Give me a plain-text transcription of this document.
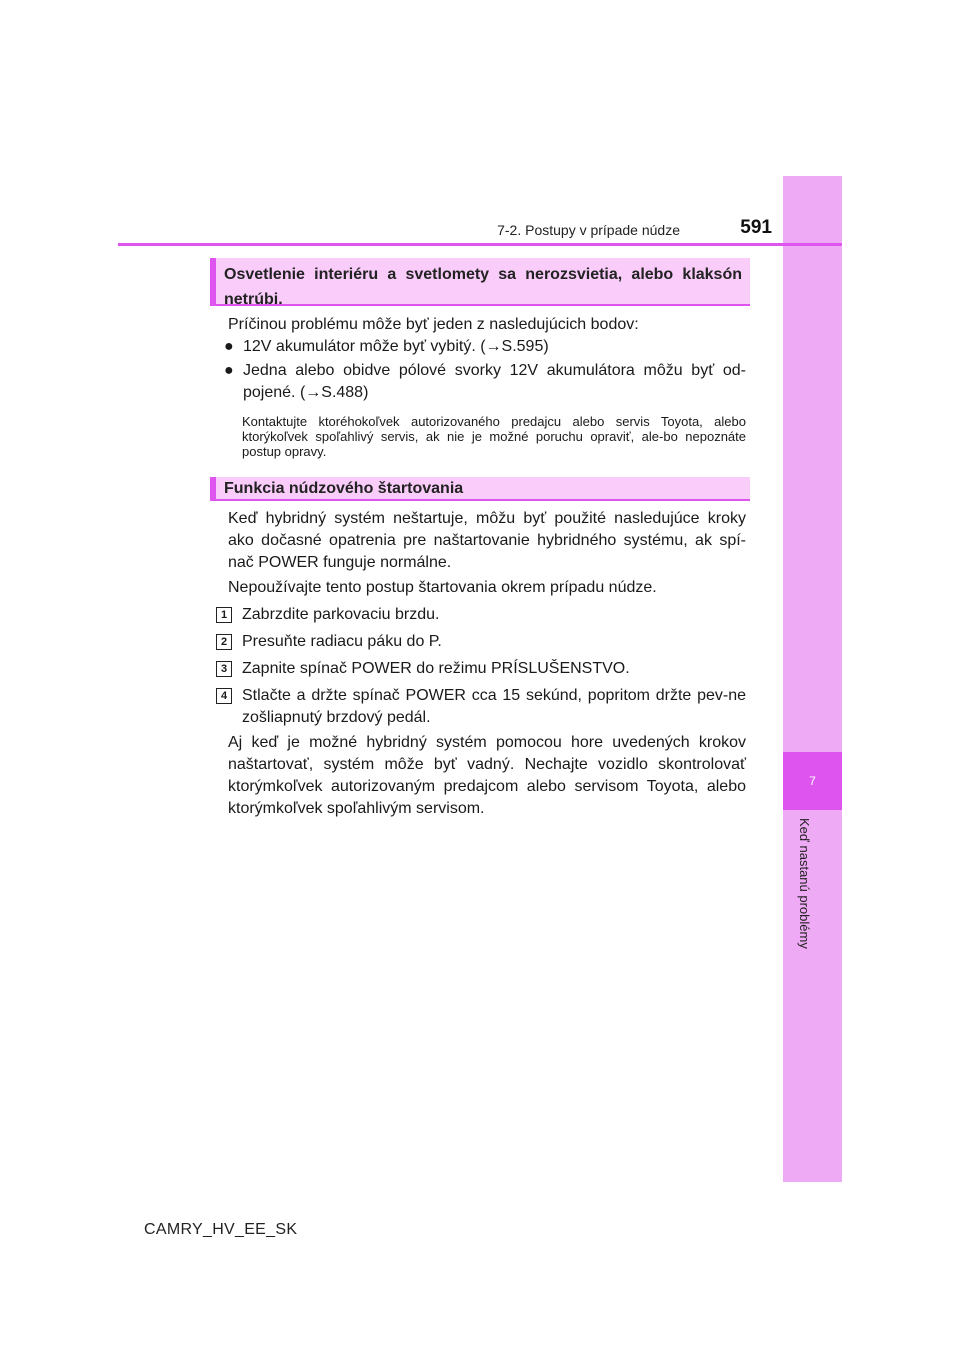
7
Keď nastanú problémy
7-2. Postupy v prípade núdze	591
Osvetlenie interiéru a svetlomety sa nerozsvietia, alebo klaksón netrúbi.
Príčinou problému môže byť jeden z nasledujúcich bodov:
● 12V akumulátor môže byť vybitý. (→S.595)
● Jedna alebo obidve pólové svorky 12V akumulátora môžu byť od-pojené. (→S.488)
Kontaktujte ktoréhokoľvek autorizovaného predajcu alebo servis Toyota, alebo ktorýkoľvek spoľahlivý servis, ak nie je možné poruchu opraviť, ale-bo nepoznáte postup opravy.
Funkcia núdzového štartovania
Keď hybridný systém neštartuje, môžu byť použité nasledujúce kroky ako dočasné opatrenia pre naštartovanie hybridného systému, ak spí-nač POWER funguje normálne.
Nepoužívajte tento postup štartovania okrem prípadu núdze.
1 Zabrzdite parkovaciu brzdu.
2 Presuňte radiacu páku do P.
3 Zapnite spínač POWER do režimu PRÍSLUŠENSTVO.
4 Stlačte a držte spínač POWER cca 15 sekúnd, popritom držte pev-ne zošliapnutý brzdový pedál.
Aj keď je možné hybridný systém pomocou hore uvedených krokov naštartovať, systém môže byť vadný. Nechajte vozidlo skontrolovať ktorýmkoľvek autorizovaným predajcom alebo servisom Toyota, alebo ktorýmkoľvek spoľahlivým servisom.
CAMRY_HV_EE_SK
